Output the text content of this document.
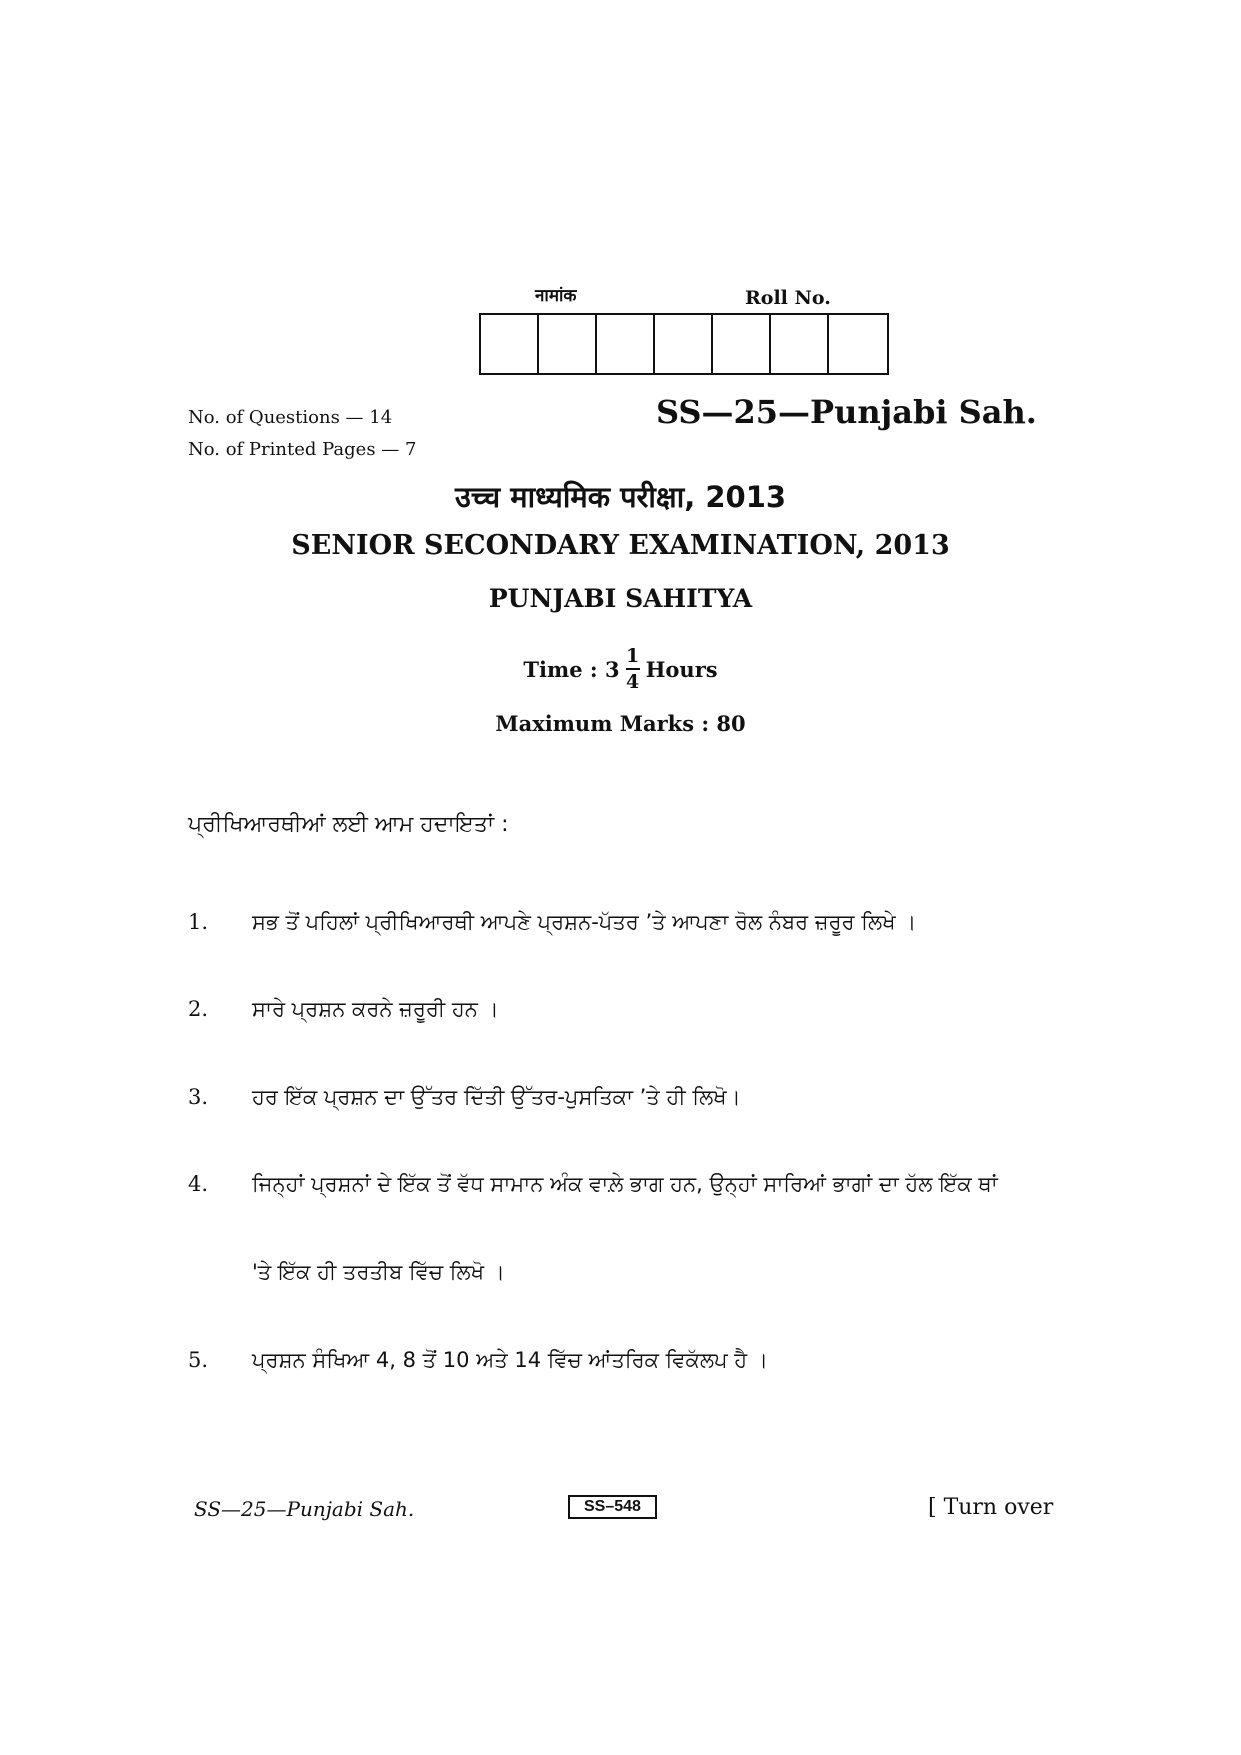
नामांक	Roll No.
No. of Questions — 14
No. of Printed Pages — 7
SS—25—Punjabi Sah.
उच्च माध्यमिक परीक्षा, 2013
SENIOR SECONDARY EXAMINATION, 2013
PUNJABI SAHITYA
Time : $3 \frac{1}{4}$ Hours
Maximum Marks : 80
ਪ੍ਰੀਖਿਆਰਥੀਆਂ ਲਈ ਆਮ ਹਦਾਇਤਾਂ :
1. ਸਭ ਤੋਂ ਪਹਿਲਾਂ ਪ੍ਰੀਖਿਆਰਥੀ ਆਪਣੇ ਪ੍ਰਸ਼ਨ-ਪੱਤਰ ’ਤੇ ਆਪਣਾ ਰੋਲ ਨੰਬਰ ਜ਼ਰੂਰ ਲਿਖੇ ।
2. ਸਾਰੇ ਪ੍ਰਸ਼ਨ ਕਰਨੇ ਜ਼ਰੂਰੀ ਹਨ ।
3. ਹਰ ਇੱਕ ਪ੍ਰਸ਼ਨ ਦਾ ਉੱਤਰ ਦਿੱਤੀ ਉੱਤਰ-ਪੁਸਤਿਕਾ ’ਤੇ ਹੀ ਲਿਖੋ।
4. ਜਿਨ੍ਹਾਂ ਪ੍ਰਸ਼ਨਾਂ ਦੇ ਇੱਕ ਤੋਂ ਵੱਧ ਸਾਮਾਨ ਅੰਕ ਵਾਲ਼ੇ ਭਾਗ ਹਨ, ਉਨ੍ਹਾਂ ਸਾਰਿਆਂ ਭਾਗਾਂ ਦਾ ਹੱਲ ਇੱਕ ਥਾਂ
'ਤੇ ਇੱਕ ਹੀ ਤਰਤੀਬ ਵਿੱਚ ਲਿਖੋ ।
5. ਪ੍ਰਸ਼ਨ ਸੰਖਿਆ 4, 8 ਤੋਂ 10 ਅਤੇ 14 ਵਿੱਚ ਆਂਤਰਿਕ ਵਿਕੱਲਪ ਹੈ ।
SS—25—Punjabi Sah.	SS–548	[ Turn over
